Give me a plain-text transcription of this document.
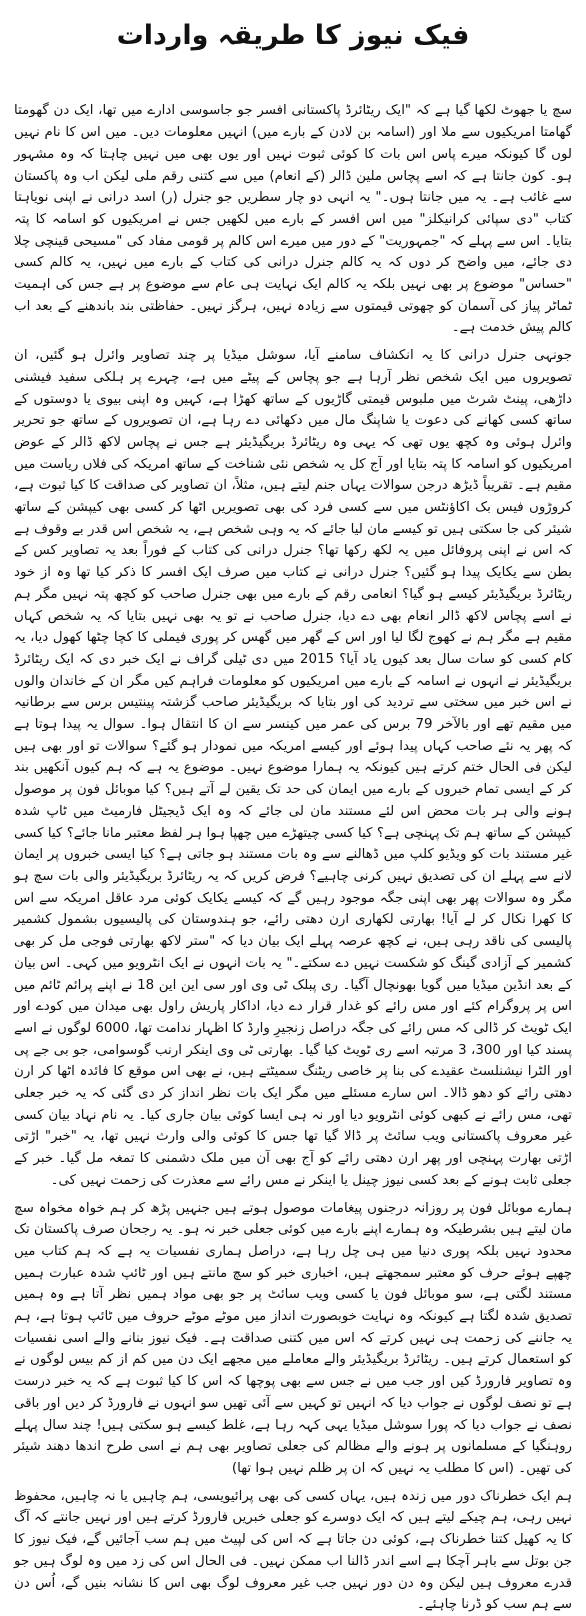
فیک نیوز کا طریقہ واردات

سچ یا جھوٹ لکھا گیا ہے کہ "ایک ریٹائرڈ پاکستانی افسر جو جاسوسی ادارے میں تھا، ایک دن گھومتا گھامتا امریکیوں سے ملا اور (اسامہ بن لادن کے بارے میں) انہیں معلومات دیں۔ میں اس کا نام نہیں لوں گا کیونکہ میرے پاس اس بات کا کوئی ثبوت نہیں اور یوں بھی میں نہیں چاہتا کہ وہ مشہور ہو۔ کون جانتا ہے کہ اسے پچاس ملین ڈالر (کے انعام) میں سے کتنی رقم ملی لیکن اب وہ پاکستان سے غائب ہے۔ یہ میں جانتا ہوں۔" یہ انہی دو چار سطریں جو جنرل (ر) اسد درانی نے اپنی نویاہتا کتاب "دی سپائی کرانیکلز" میں اس افسر کے بارے میں لکھیں جس نے امریکیوں کو اسامہ کا پتہ بتایا۔ اس سے پہلے کہ "جمہوریت" کے دور میں میرے اس کالم پر قومی مفاد کی "مسیحی قینچی چلا دی جائے، میں واضح کر دوں کہ یہ کالم جنرل درانی کی کتاب کے بارے میں نہیں، یہ کالم کسی "حساس" موضوع پر بھی نہیں بلکہ یہ کالم ایک نہایت ہی عام سے موضوع پر ہے جس کی اہمیت ٹماٹر پیاز کی آسمان کو چھوتی قیمتوں سے زیادہ نہیں، ہرگز نہیں۔ حفاظتی بند باندھنے کے بعد اب کالم پیش خدمت ہے۔

جونہی جنرل درانی کا یہ انکشاف سامنے آیا، سوشل میڈیا پر چند تصاویر وائرل ہو گئیں، ان تصویروں میں ایک شخص نظر آرہا ہے جو پچاس کے پیٹے میں ہے، چہرے پر ہلکی سفید فیشنی داڑھی، پینٹ شرٹ میں ملبوس قیمتی گاڑیوں کے ساتھ کھڑا ہے، کہیں وہ اپنی بیوی یا دوستوں کے ساتھ کسی کھانے کی دعوت یا شاپنگ مال میں دکھائی دے رہا ہے، ان تصویروں کے ساتھ جو تحریر وائرل ہوئی وہ کچھ یوں تھی کہ یہی وہ ریٹائرڈ بریگیڈیئر ہے جس نے پچاس لاکھ ڈالر کے عوض امریکیوں کو اسامہ کا پتہ بتایا اور آج کل یہ شخص نئی شناخت کے ساتھ امریکہ کی فلاں ریاست میں مقیم ہے۔ تقریباً ڈیڑھ درجن سوالات یہاں جنم لیتے ہیں، مثلاً، ان تصاویر کی صداقت کا کیا ثبوت ہے، کروڑوں فیس بک اکاؤنٹس میں سے کسی فرد کی بھی تصویریں اٹھا کر کسی بھی کیپشن کے ساتھ شیئر کی جا سکتی ہیں تو کیسے مان لیا جائے کہ یہ وہی شخص ہے، یہ شخص اس قدر بے وقوف ہے کہ اس نے اپنی پروفائل میں یہ لکھ رکھا تھا؟ جنرل درانی کی کتاب کے فوراً بعد یہ تصاویر کس کے بطن سے یکایک پیدا ہو گئیں؟ جنرل درانی نے کتاب میں صرف ایک افسر کا ذکر کیا تھا وہ از خود ریٹائرڈ بریگیڈیئر کیسے ہو گیا؟ انعامی رقم کے بارے میں بھی جنرل صاحب کو کچھ پتہ نہیں مگر ہم نے اسے پچاس لاکھ ڈالر انعام بھی دے دیا، جنرل صاحب نے تو یہ بھی نہیں بتایا کہ یہ شخص کہاں مقیم ہے مگر ہم نے کھوج لگا لیا اور اس کے گھر میں گھس کر پوری فیملی کا کچا چٹھا کھول دیا، یہ کام کسی کو سات سال بعد کیوں یاد آیا؟ 2015 میں دی ٹیلی گراف نے ایک خبر دی کہ ایک ریٹائرڈ بریگیڈیئر نے انہوں نے اسامہ کے بارے میں امریکیوں کو معلومات فراہم کیں مگر ان کے خاندان والوں نے اس خبر میں سختی سے تردید کی اور بتایا کہ بریگیڈیئر صاحب گزشتہ پینتیس برس سے برطانیہ میں مقیم تھے اور بالآخر 79 برس کی عمر میں کینسر سے ان کا انتقال ہوا۔ سوال یہ پیدا ہوتا ہے کہ پھر یہ نئے صاحب کہاں پیدا ہوئے اور کیسے امریکہ میں نمودار ہو گئے؟ سوالات تو اور بھی ہیں لیکن فی الحال ختم کرتے ہیں کیونکہ یہ ہمارا موضوع نہیں۔ موضوع یہ ہے کہ ہم کیوں آنکھیں بند کر کے ایسی تمام خبروں کے بارے میں ایمان کی حد تک یقین لے آتے ہیں؟ کیا موبائل فون پر موصول ہونے والی ہر بات محض اس لئے مستند مان لی جائے کہ وہ ایک ڈیجیٹل فارمیٹ میں ٹاپ شدہ کیپشن کے ساتھ ہم تک پہنچی ہے؟ کیا کسی چیتھڑے میں چھپا ہوا ہر لفظ معتبر مانا جائے؟ کیا کسی غیر مستند بات کو ویڈیو کلپ میں ڈھالنے سے وہ بات مستند ہو جاتی ہے؟ کیا ایسی خبروں پر ایمان لانے سے پہلے ان کی تصدیق نہیں کرنی چاہیے؟ فرض کریں کہ یہ ریٹائرڈ بریگیڈیئر والی بات سچ ہو مگر وہ سوالات پھر بھی اپنی جگہ موجود رہیں گے کہ کیسے یکایک کوئی مرد عاقل امریکہ سے اس کا کھرا نکال کر لے آیا! بھارتی لکھاری ارن دھتی رائے، جو ہندوستان کی پالیسیوں بشمول کشمیر پالیسی کی ناقد رہی ہیں، نے کچھ عرصہ پہلے ایک بیان دیا کہ "ستر لاکھ بھارتی فوجی مل کر بھی کشمیر کے آزادی گینگ کو شکست نہیں دے سکتے۔" یہ بات انہوں نے ایک انٹرویو میں کہی۔ اس بیان کے بعد انڈین میڈیا میں گویا بھونچال آگیا۔ ری پبلک ٹی وی اور سی این این 18 نے اپنے پرائم ٹائم میں اس پر پروگرام کئے اور مس رائے کو غدار قرار دے دیا، اداکار پاریش راول بھی میدان میں کودے اور ایک ٹویٹ کر ڈالی کہ مس رائے کی جگہ دراصل زنجیرِ وارڈ کا اظہار ندامت تھا، 6000 لوگوں نے اسے پسند کیا اور 300، 3 مرتبہ اسے ری ٹویٹ کیا گیا۔ بھارتی ٹی وی اینکر ارنب گوسوامی، جو بی جے پی اور الٹرا نیشنلسٹ عقیدے کی بنا پر خاصی ریٹنگ سمیٹتے ہیں، نے بھی اس موقع کا فائدہ اٹھا کر ارن دھتی رائے کو دھو ڈالا۔ اس سارے مسئلے میں مگر ایک بات نظر انداز کر دی گئی کہ یہ خبر جعلی تھی، مس رائے نے کبھی کوئی انٹرویو دیا اور نہ ہی ایسا کوئی بیان جاری کیا۔ یہ نام نہاد بیان کسی غیر معروف پاکستانی ویب سائٹ پر ڈالا گیا تھا جس کا کوئی والی وارث نہیں تھا، یہ "خبر" اڑتی اڑتی بھارت پہنچی اور پھر ارن دھتی رائے کو آج بھی آن میں ملک دشمنی کا تمغہ مل گیا۔ خبر کے جعلی ثابت ہونے کے بعد کسی نیوز چینل یا اینکر نے مس رائے سے معذرت کی زحمت نہیں کی۔

ہمارے موبائل فون پر روزانہ درجنوں پیغامات موصول ہوتے ہیں جنہیں پڑھ کر ہم خواہ مخواہ سچ مان لیتے ہیں بشرطیکہ وہ ہمارے اپنے بارے میں کوئی جعلی خبر نہ ہو۔ یہ رجحان صرف پاکستان تک محدود نہیں بلکہ پوری دنیا میں ہی چل رہا ہے، دراصل ہماری نفسیات یہ ہے کہ ہم کتاب میں چھپے ہوئے حرف کو معتبر سمجھتے ہیں، اخباری خبر کو سچ مانتے ہیں اور ٹائپ شدہ عبارت ہمیں مستند لگتی ہے، سو موبائل فون یا کسی ویب سائٹ پر جو بھی مواد ہمیں نظر آتا ہے وہ ہمیں تصدیق شدہ لگتا ہے کیونکہ وہ نہایت خوبصورت انداز میں موٹے موٹے حروف میں ٹائپ ہوتا ہے، ہم یہ جاننے کی زحمت ہی نہیں کرتے کہ اس میں کتنی صداقت ہے۔ فیک نیوز بنانے والے اسی نفسیات کو استعمال کرتے ہیں۔ ریٹائرڈ بریگیڈیئر والے معاملے میں مجھے ایک دن میں کم از کم بیس لوگوں نے وہ تصاویر فارورڈ کیں اور جب میں نے جس سے بھی پوچھا کہ اس کا کیا ثبوت ہے کہ یہ خبر درست ہے تو نصف لوگوں نے جواب دیا کہ انہیں تو کہیں سے آئی تھیں سو انہوں نے فارورڈ کر دیں اور باقی نصف نے جواب دیا کہ پورا سوشل میڈیا یہی کہہ رہا ہے، غلط کیسے ہو سکتی ہیں! چند سال پہلے روہنگیا کے مسلمانوں پر ہونے والے مظالم کی جعلی تصاویر بھی ہم نے اسی طرح اندھا دھند شیئر کی تھیں۔ (اس کا مطلب یہ نہیں کہ ان پر ظلم نہیں ہوا تھا)

ہم ایک خطرناک دور میں زندہ ہیں، یہاں کسی کی بھی پرائیویسی، ہم چاہیں یا نہ چاہیں، محفوظ نہیں رہی، ہم چیکے لیتے ہیں کہ ایک دوسرے کو جعلی خبریں فارورڈ کرتے ہیں اور نہیں جانتے کہ آگ کا یہ کھیل کتنا خطرناک ہے، کوئی دن جاتا ہے کہ اس کی لپیٹ میں ہم سب آجائیں گے، فیک نیوز کا جن بوتل سے باہر آچکا ہے اسے اندر ڈالنا اب ممکن نہیں۔ فی الحال اس کی زد میں وہ لوگ ہیں جو قدرے معروف ہیں لیکن وہ دن دور نہیں جب غیر معروف لوگ بھی اس کا نشانہ بنیں گے، اُس دن سے ہم سب کو ڈرنا چاہئے۔
